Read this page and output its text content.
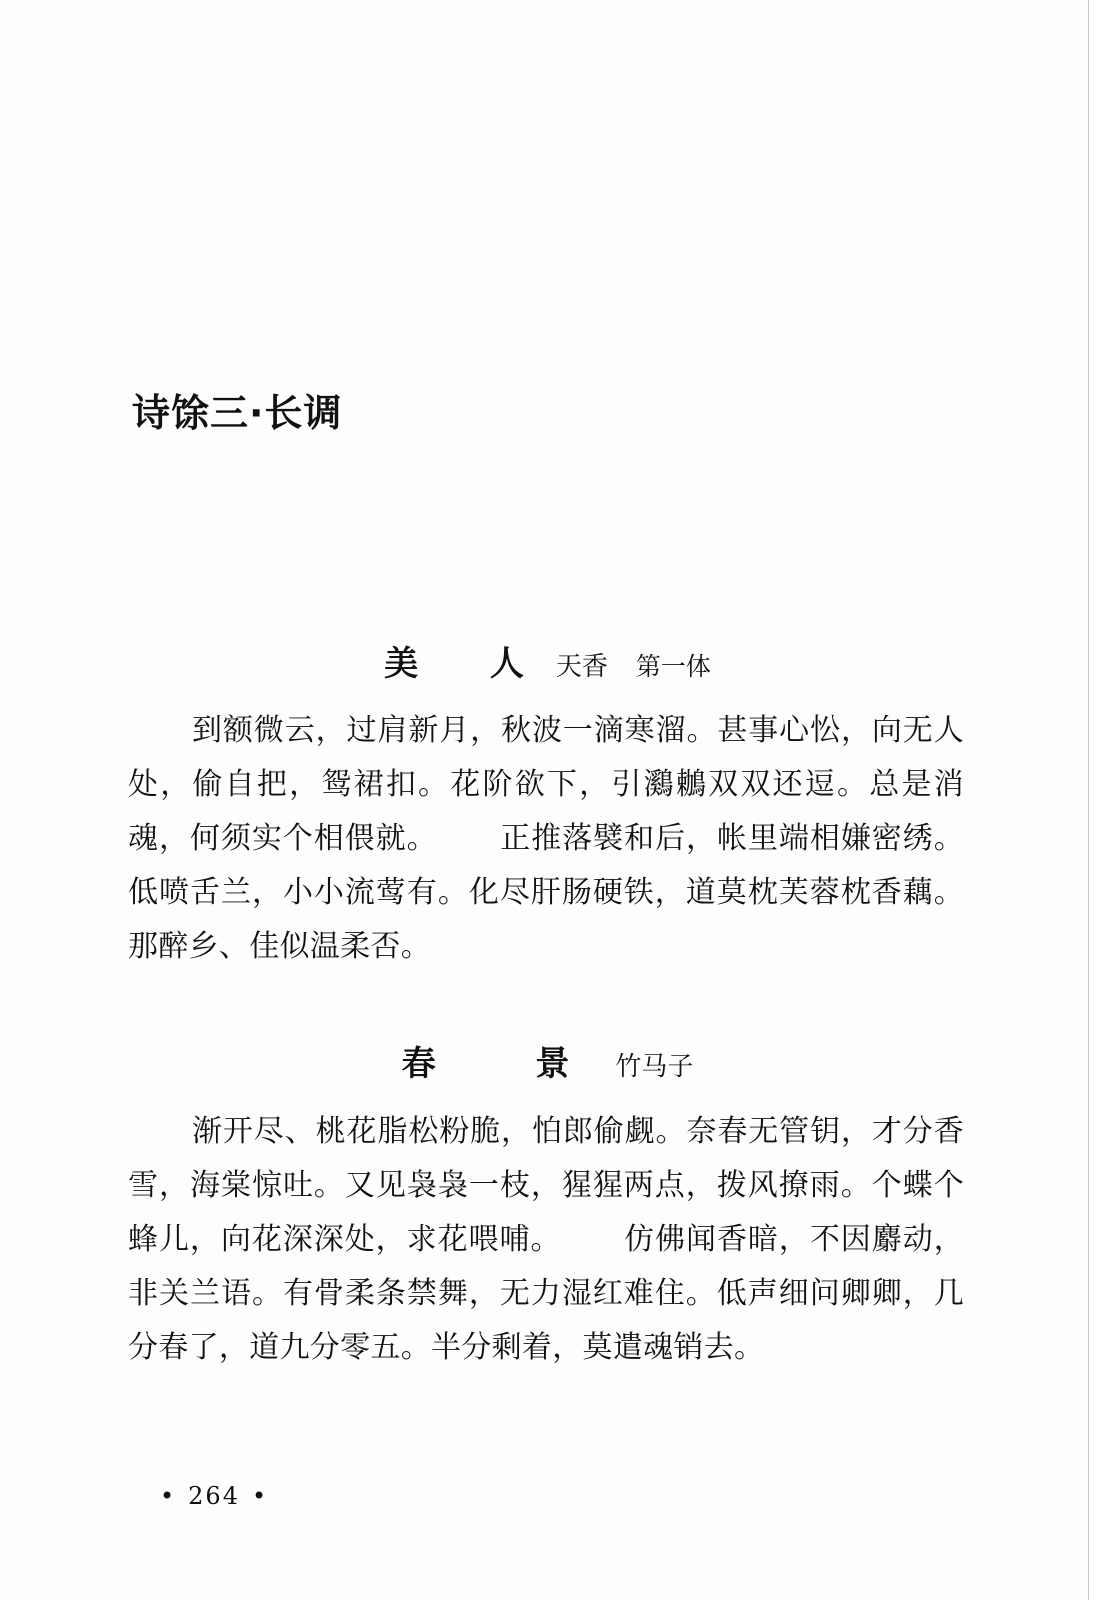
诗馀三·长调
美 人天香 第一体

到额微云，过肩新月，秋波一滴寒溜。甚事心忪，向无人处，偷自把，鸳裙扣。花阶欲下，引鸂鶒双双还逗。总是消魂，何须实个相偎就。 正推落襞和后，帐里端相嫌密绣。低喷舌兰，小小流莺有。化尽肝肠硬铁，道莫枕芙蓉枕香藕。那醉乡、佳似温柔否。

春 景竹马子

渐开尽、桃花脂松粉脆，怕郎偷觑。奈春无管钥，才分香雪，海棠惊吐。又见袅袅一枝，猩猩两点，拨风撩雨。个蝶个蜂儿，向花深深处，求花喂哺。 仿佛闻香暗，不因麝动，非关兰语。有骨柔条禁舞，无力湿红难住。低声细问卿卿，几分春了，道九分零五。半分剩着，莫遣魂销去。

• 264 •
